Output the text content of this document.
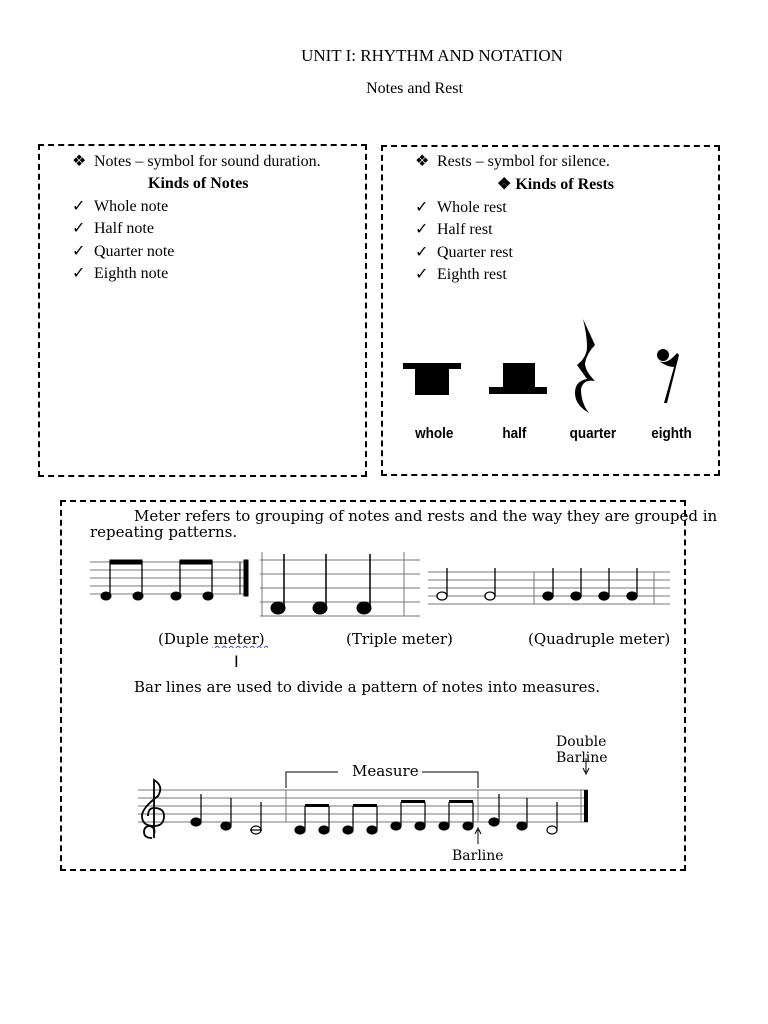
UNIT I: RHYTHM AND NOTATION
Notes and Rest
❖ Notes – symbol for sound duration.
Kinds of Notes
✓ Whole note
✓ Half note
✓ Quarter note
✓ Eighth note
❖ Rests – symbol for silence.
❖ Kinds of Rests
✓ Whole rest
✓ Half rest
✓ Quarter rest
✓ Eighth rest
whole	half	quarter eighth
Meter refers to grouping of notes and rests and the way they are grouped in
repeating patterns.
(Duple meter)	(Triple meter)	(Quadruple meter)
I
Bar lines are used to divide a pattern of notes into measures.
Measure
Double
Barline
Barline
